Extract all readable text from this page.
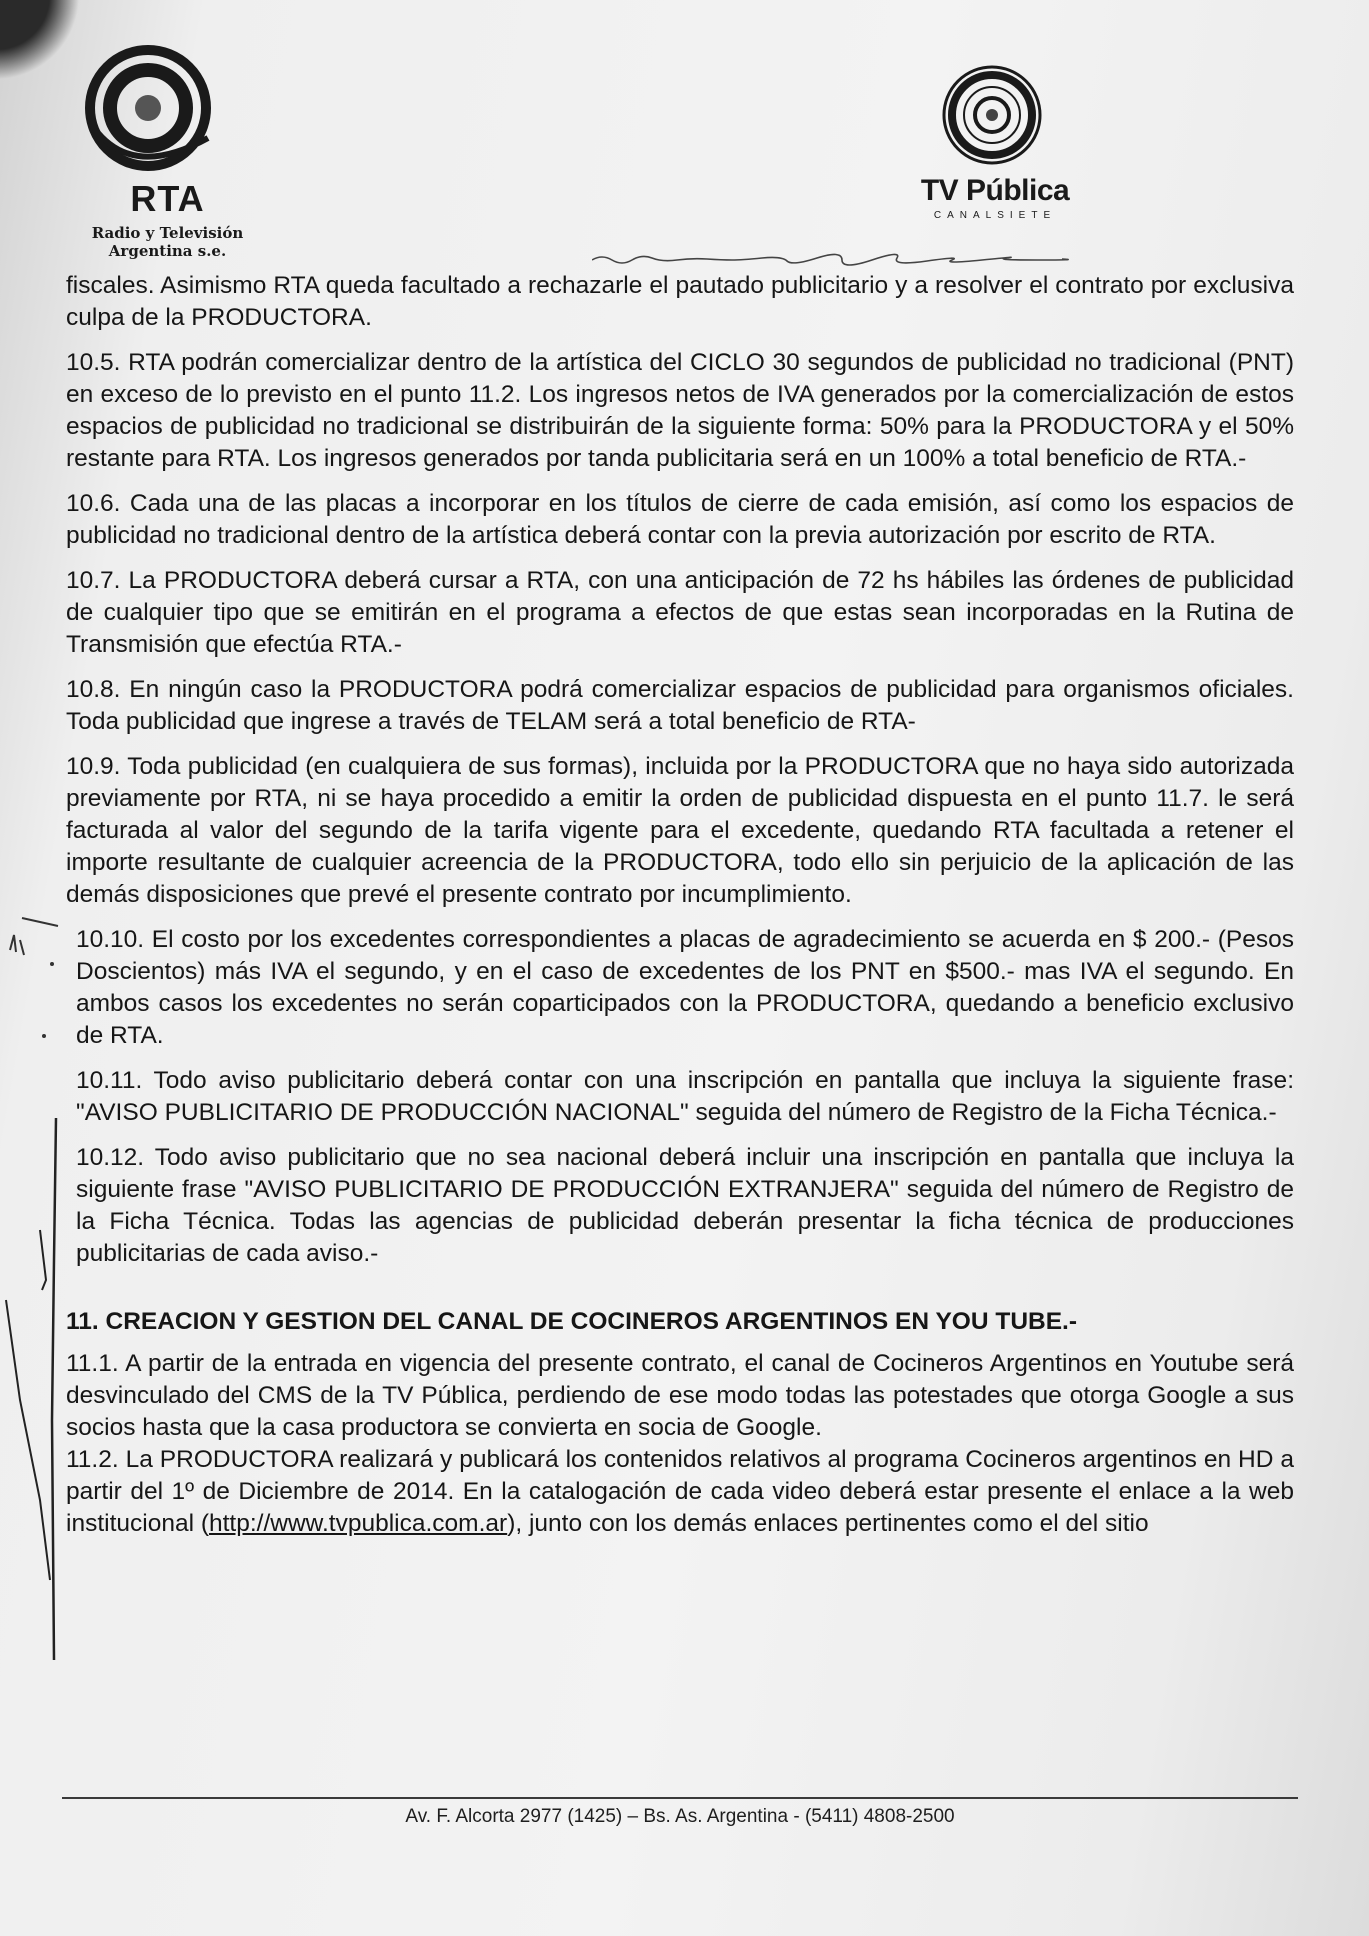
RTA
Radio y Televisión
Argentina s.e.
TV Pública
CANALSIETE

fiscales. Asimismo RTA queda facultado a rechazarle el pautado publicitario y a resolver el contrato por exclusiva culpa de la PRODUCTORA.

10.5. RTA podrán comercializar dentro de la artística del CICLO 30 segundos de publicidad no tradicional (PNT) en exceso de lo previsto en el punto 11.2. Los ingresos netos de IVA generados por la comercialización de estos espacios de publicidad no tradicional se distribuirán de la siguiente forma: 50% para la PRODUCTORA y el 50% restante para RTA. Los ingresos generados por tanda publicitaria será en un 100% a total beneficio de RTA.-

10.6. Cada una de las placas a incorporar en los títulos de cierre de cada emisión, así como los espacios de publicidad no tradicional dentro de la artística deberá contar con la previa autorización por escrito de RTA.

10.7. La PRODUCTORA deberá cursar a RTA, con una anticipación de 72 hs hábiles las órdenes de publicidad de cualquier tipo que se emitirán en el programa a efectos de que estas sean incorporadas en la Rutina de Transmisión que efectúa RTA.-

10.8. En ningún caso la PRODUCTORA podrá comercializar espacios de publicidad para organismos oficiales. Toda publicidad que ingrese a través de TELAM será a total beneficio de RTA-

10.9. Toda publicidad (en cualquiera de sus formas), incluida por la PRODUCTORA que no haya sido autorizada previamente por RTA, ni se haya procedido a emitir la orden de publicidad dispuesta en el punto 11.7. le será facturada al valor del segundo de la tarifa vigente para el excedente, quedando RTA facultada a retener el importe resultante de cualquier acreencia de la PRODUCTORA, todo ello sin perjuicio de la aplicación de las demás disposiciones que prevé el presente contrato por incumplimiento.

10.10. El costo por los excedentes correspondientes a placas de agradecimiento se acuerda en $ 200.- (Pesos Doscientos) más IVA el segundo, y en el caso de excedentes de los PNT en $500.- mas IVA el segundo. En ambos casos los excedentes no serán coparticipados con la PRODUCTORA, quedando a beneficio exclusivo de RTA.

10.11. Todo aviso publicitario deberá contar con una inscripción en pantalla que incluya la siguiente frase: "AVISO PUBLICITARIO DE PRODUCCIÓN NACIONAL" seguida del número de Registro de la Ficha Técnica.-

10.12. Todo aviso publicitario que no sea nacional deberá incluir una inscripción en pantalla que incluya la siguiente frase "AVISO PUBLICITARIO DE PRODUCCIÓN EXTRANJERA" seguida del número de Registro de la Ficha Técnica. Todas las agencias de publicidad deberán presentar la ficha técnica de producciones publicitarias de cada aviso.-

11. CREACION Y GESTION DEL CANAL DE COCINEROS ARGENTINOS EN YOU TUBE.-

11.1. A partir de la entrada en vigencia del presente contrato, el canal de Cocineros Argentinos en Youtube será desvinculado del CMS de la TV Pública, perdiendo de ese modo todas las potestades que otorga Google a sus socios hasta que la casa productora se convierta en socia de Google.

11.2. La PRODUCTORA realizará y publicará los contenidos relativos al programa Cocineros argentinos en HD a partir del 1º de Diciembre de 2014. En la catalogación de cada video deberá estar presente el enlace a la web institucional (http://www.tvpublica.com.ar), junto con los demás enlaces pertinentes como el del sitio

Av. F. Alcorta 2977 (1425) – Bs. As. Argentina - (5411) 4808-2500
